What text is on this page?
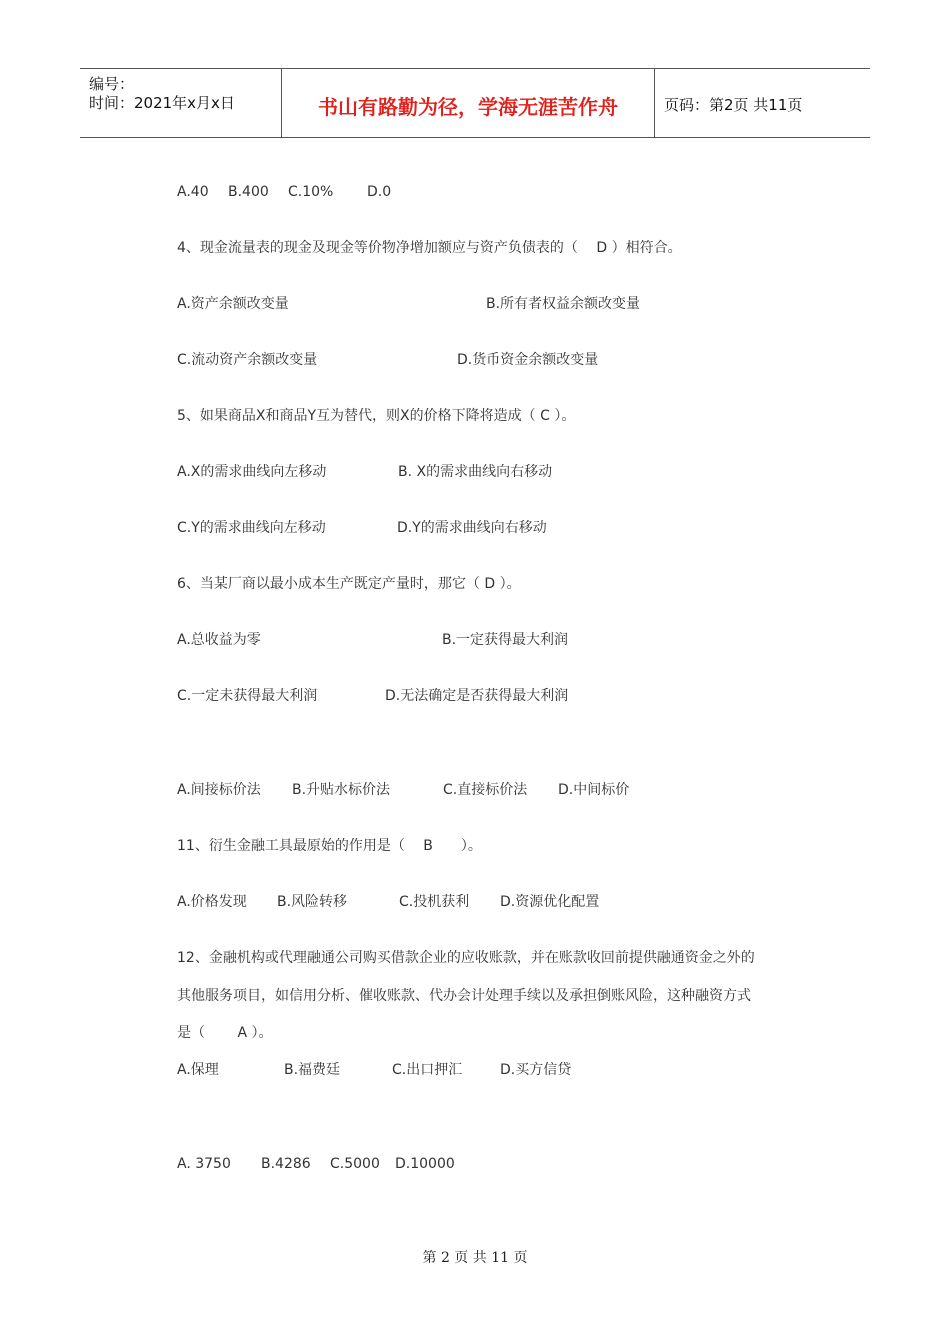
编号：
时间：2021年x月x日	书山有路勤为径，学海无涯苦作舟	页码：第2页 共11页
A.40 B.400 C.10% D.0
4、现金流量表的现金及现金等价物净增加额应与资产负债表的（　 D ）相符合。
A.资产余额改变量	B.所有者权益余额改变量
C.流动资产余额改变量	D.货币资金余额改变量
5、如果商品X和商品Y互为替代，则X的价格下降将造成（ C ）。
A.X的需求曲线向左移动	B. X的需求曲线向右移动
C.Y的需求曲线向左移动	D.Y的需求曲线向右移动
6、当某厂商以最小成本生产既定产量时，那它（ D ）。
A.总收益为零	B.一定获得最大利润
C.一定未获得最大利润	D.无法确定是否获得最大利润
A.间接标价法 B.升贴水标价法	C.直接标价法 D.中间标价
11、衍生金融工具最原始的作用是（ 　B　　）。
A.价格发现 B.风险转移	C.投机获利 D.资源优化配置
12、金融机构或代理融通公司购买借款企业的应收账款，并在账款收回前提供融通资金之外的
其他服务项目，如信用分析、催收账款、代办会计处理手续以及承担倒账风险，这种融资方式
是（　　 A ）。
A.保理	B.福费廷	C.出口押汇	D.买方信贷
A. 3750 B.4286 C.5000 D.10000
第 2 页 共 11 页
